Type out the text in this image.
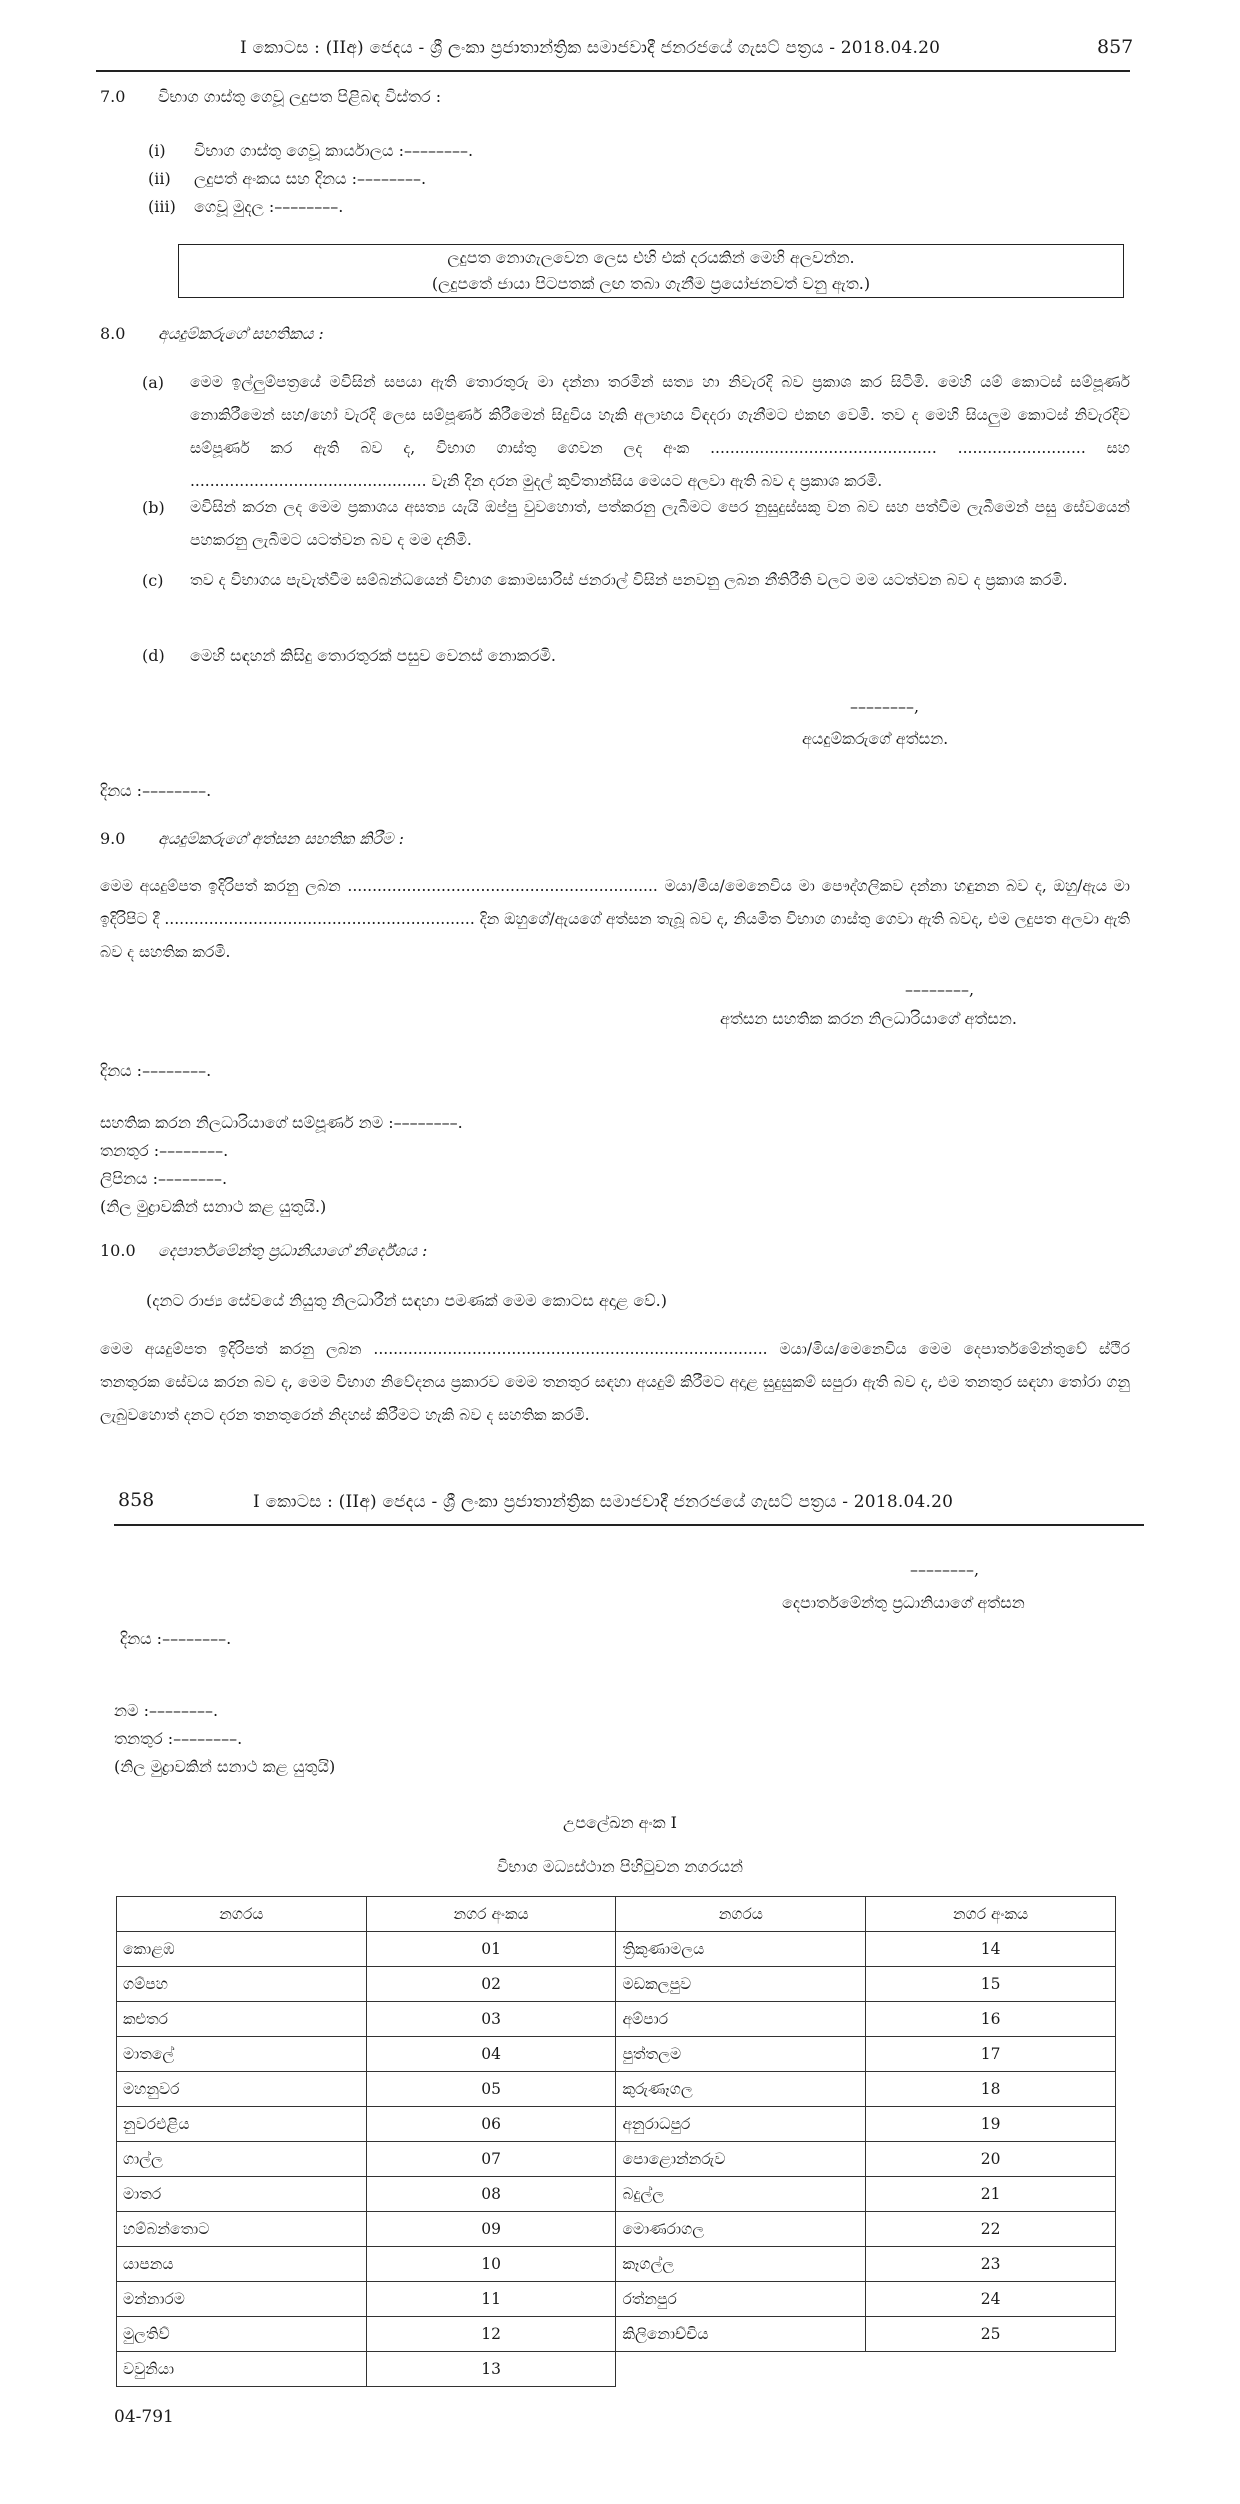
I කොටස : (IIඅ) ජෙදය - ශ්‍රී ලංකා ප්‍රජාතාන්ත්‍රික සමාජවාදී ජනරජයේ ගැසට් පත්‍රය - 2018.04.20	857
7.0 විභාග ගාස්තු ගෙවූ ලදුපත පිළිබඳ විස්තර :
(i) විභාග ගාස්තු ගෙවූ කාර්යාලය :––––––––.
(ii) ලදුපත් අංකය සහ දිනය :––––––––.
(iii) ගෙවූ මුදල :––––––––.
ලදුපත නොගැලවෙන ලෙස එහි එක් දරයකින් මෙහි අලවන්න.
(ලදුපතේ ජායා පිටපතක් ලඟ තබා ගැනීම ප්‍රයෝජනවත් වනු ඇත.)
8.0 අයදුම්කරුගේ සහතිකය :
(a) මෙම ඉල්ලුම්පත්‍රයේ මවිසින් සපයා ඇති තොරතුරු මා දන්නා තරමින් සත්‍ය හා නිවැරදි බව ප්‍රකාශ කර සිටිමි. මෙහි යම් කොටස් සම්පූර්ණ නොකිරීමෙන් සහ/හෝ වැරදි ලෙස සම්පූර්ණ කිරීමෙන් සිදුවිය හැකි අලාභය විඳදරා ගැනීමට එකඟ වෙමි. තව ද මෙහි සියලුම කොටස් නිවැරදිව සම්පූර්ණ කර ඇති බව ද, විභාග ගාස්තු ගෙවන ලද අංක .............................................. .......................... සහ ................................................ වැනි දින දරන මුදල් කුවිතාන්සිය මෙයට අලවා ඇති බව ද ප්‍රකාශ කරමි.
(b) මවිසින් කරන ලද මෙම ප්‍රකාශය අසත්‍ය යැයි ඔප්පු වුවහොත්, පත්කරනු ලැබීමට පෙර නුසුදුස්සකු වන බව සහ පත්වීම ලැබීමෙන් පසු සේවයෙන් පහකරනු ලැබීමට යටත්වන බව ද මම දනිමි.
(c) තව ද විභාගය පැවැත්වීම සම්බන්ධයෙන් විභාග කොමසාරිස් ජනරාල් විසින් පනවනු ලබන නීතිරීති වලට මම යටත්වන බව ද ප්‍රකාශ කරමි.
(d) මෙහි සඳහන් කිසිදු තොරතුරක් පසුව වෙනස් නොකරමි.
––––––––,
අයදුම්කරුගේ අත්සන.
දිනය :––––––––.
9.0 අයදුම්කරුගේ අත්සන සහතික කිරීම :
මෙම අයදුම්පත ඉදිරිපත් කරනු ලබන ............................................................... මයා/මිය/මෙනෙවිය මා පෞද්ගලිකව දන්නා හඳුනන බව ද, ඔහු/ඇය මා ඉදිරිපිට දී ............................................................... දින ඔහුගේ/ඇයගේ අත්සන තැබූ බව ද, නියමිත විභාග ගාස්තු ගෙවා ඇති බවද, එම ලදුපත අලවා ඇති බව ද සහතික කරමි.
––––––––,
අත්සන සහතික කරන නිලධාරියාගේ අත්සන.
දිනය :––––––––.
සහතික කරන නිලධාරියාගේ සම්පූර්ණ නම :––––––––.
තනතුර :––––––––.
ලිපිනය :––––––––.
(නිල මුද්‍රාවකින් සනාථ කළ යුතුයි.)
10.0 දෙපාර්තමේන්තු ප්‍රධානියාගේ නිර්දේශය :
(දනට රාජ්‍ය සේවයේ නියුතු නිලධාරීන් සඳහා පමණක් මෙම කොටස අදාළ වේ.)
මෙම අයදුම්පත ඉදිරිපත් කරනු ලබන ................................................................................ මයා/මිය/මෙනෙවිය මෙම දෙපාර්තමේන්තුවේ ස්ථිර තනතුරක සේවය කරන බව ද, මෙම විභාග නිවේදනය ප්‍රකාරව මෙම තනතුර සඳහා අයදුම් කිරීමට අදාළ සුදුසුකම් සපුරා ඇති බව ද, එම තනතුර සඳහා තෝරා ගනු ලැබුවහොත් දනට දරන තනතුරෙන් නිදහස් කිරීමට හැකි බව ද සහතික කරමි.
858	I කොටස : (IIඅ) ජෙදය - ශ්‍රී ලංකා ප්‍රජාතාන්ත්‍රික සමාජවාදී ජනරජයේ ගැසට් පත්‍රය - 2018.04.20
––––––––,
දෙපාර්තමේන්තු ප්‍රධානියාගේ අත්සන
දිනය :––––––––.
නම :––––––––.
තනතුර :––––––––.
(නිල මුද්‍රාවකින් සනාථ කළ යුතුයි)
උපලේඛන අංක I
විභාග මධ්‍යස්ථාන පිහිටුවන නගරයන්
නගරය	නගර අංකය	නගරය	නගර අංකය
කොළඹ	01	ත්‍රිකුණාමලය	14
ගම්පහ	02	මඩකලපුව	15
කළුතර	03	අම්පාර	16
මාතලේ	04	පුත්තලම	17
මහනුවර	05	කුරුණෑගල	18
නුවරඑළිය	06	අනුරාධපුර	19
ගාල්ල	07	පොළොන්නරුව	20
මාතර	08	බදුල්ල	21
හම්බන්තොට	09	මොණරාගල	22
යාපනය	10	කෑගල්ල	23
මන්නාරම	11	රත්නපුර	24
මුලතිව්	12	කිලිනොච්චිය	25
වවුනියා	13		
04-791
